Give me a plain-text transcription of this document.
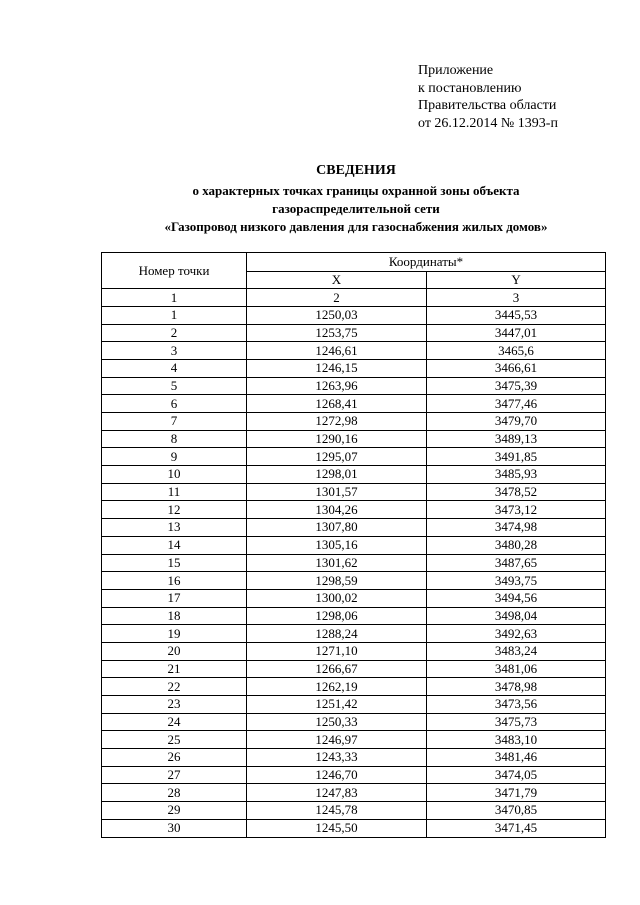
Приложение
к постановлению
Правительства области
от 26.12.2014 № 1393-п
СВЕДЕНИЯ
о характерных точках границы охранной зоны объекта
газораспределительной сети
«Газопровод низкого давления для газоснабжения жилых домов»
Номер точки	Координаты*	
	X	Y
1	2	3
1	1250,03	3445,53
2	1253,75	3447,01
3	1246,61	3465,6
4	1246,15	3466,61
5	1263,96	3475,39
6	1268,41	3477,46
7	1272,98	3479,70
8	1290,16	3489,13
9	1295,07	3491,85
10	1298,01	3485,93
11	1301,57	3478,52
12	1304,26	3473,12
13	1307,80	3474,98
14	1305,16	3480,28
15	1301,62	3487,65
16	1298,59	3493,75
17	1300,02	3494,56
18	1298,06	3498,04
19	1288,24	3492,63
20	1271,10	3483,24
21	1266,67	3481,06
22	1262,19	3478,98
23	1251,42	3473,56
24	1250,33	3475,73
25	1246,97	3483,10
26	1243,33	3481,46
27	1246,70	3474,05
28	1247,83	3471,79
29	1245,78	3470,85
30	1245,50	3471,45
